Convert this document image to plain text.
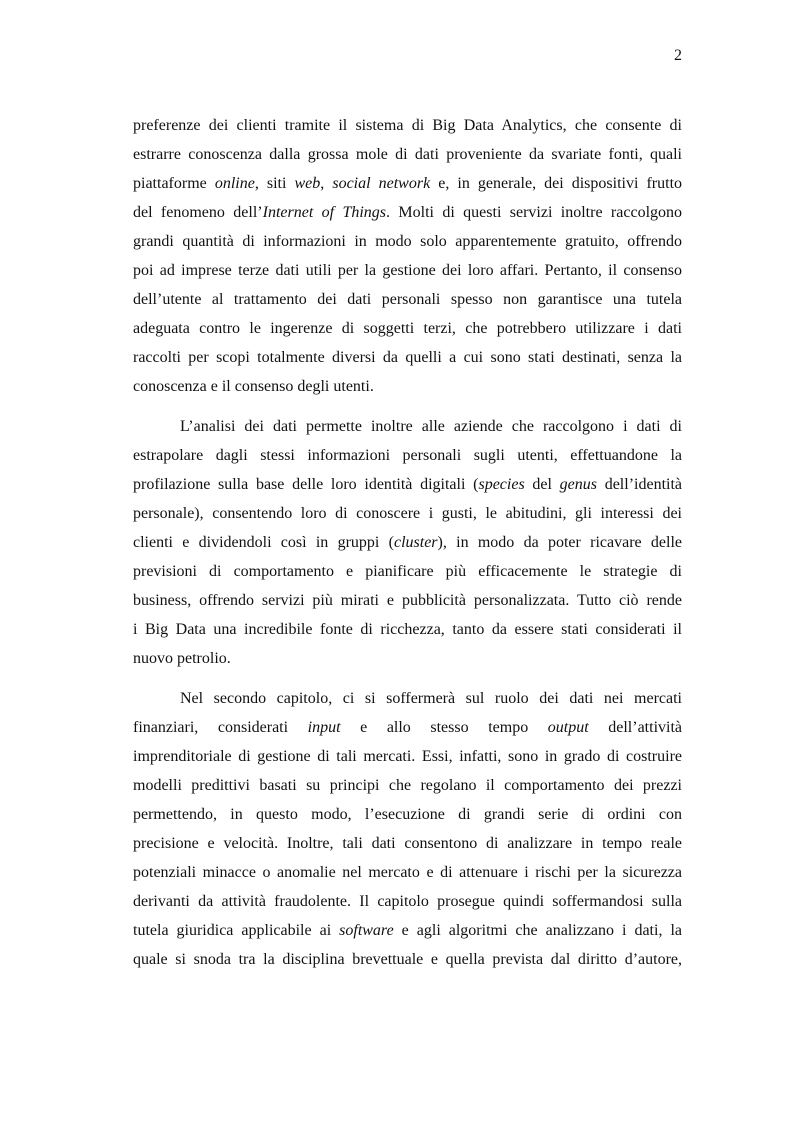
2

preferenze dei clienti tramite il sistema di Big Data Analytics, che consente di
estrarre conoscenza dalla grossa mole di dati proveniente da svariate fonti, quali
piattaforme online, siti web, social network e, in generale, dei dispositivi frutto
del fenomeno dell’Internet of Things. Molti di questi servizi inoltre raccolgono
grandi quantità di informazioni in modo solo apparentemente gratuito, offrendo
poi ad imprese terze dati utili per la gestione dei loro affari. Pertanto, il consenso
dell’utente al trattamento dei dati personali spesso non garantisce una tutela
adeguata contro le ingerenze di soggetti terzi, che potrebbero utilizzare i dati
raccolti per scopi totalmente diversi da quelli a cui sono stati destinati, senza la
conoscenza e il consenso degli utenti.

L’analisi dei dati permette inoltre alle aziende che raccolgono i dati di
estrapolare dagli stessi informazioni personali sugli utenti, effettuandone la
profilazione sulla base delle loro identità digitali (species del genus dell’identità
personale), consentendo loro di conoscere i gusti, le abitudini, gli interessi dei
clienti e dividendoli così in gruppi (cluster), in modo da poter ricavare delle
previsioni di comportamento e pianificare più efficacemente le strategie di
business, offrendo servizi più mirati e pubblicità personalizzata. Tutto ciò rende
i Big Data una incredibile fonte di ricchezza, tanto da essere stati considerati il
nuovo petrolio.

Nel secondo capitolo, ci si soffermerà sul ruolo dei dati nei mercati
finanziari, considerati input e allo stesso tempo output dell’attività
imprenditoriale di gestione di tali mercati. Essi, infatti, sono in grado di costruire
modelli predittivi basati su principi che regolano il comportamento dei prezzi
permettendo, in questo modo, l’esecuzione di grandi serie di ordini con
precisione e velocità. Inoltre, tali dati consentono di analizzare in tempo reale
potenziali minacce o anomalie nel mercato e di attenuare i rischi per la sicurezza
derivanti da attività fraudolente. Il capitolo prosegue quindi soffermandosi sulla
tutela giuridica applicabile ai software e agli algoritmi che analizzano i dati, la
quale si snoda tra la disciplina brevettuale e quella prevista dal diritto d’autore,
